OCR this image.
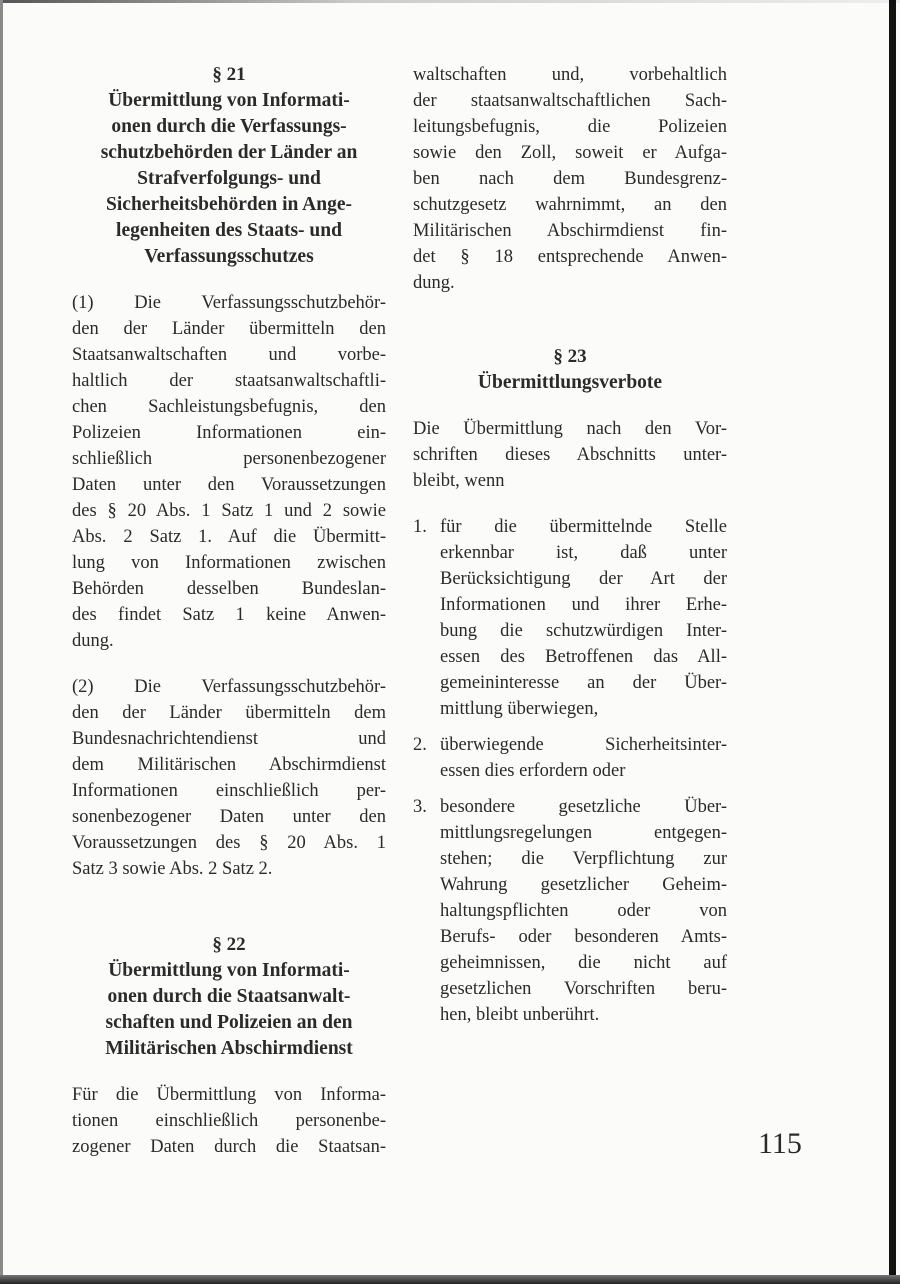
§ 21
Übermittlung von Informati-
onen durch die Verfassungs-
schutzbehörden der Länder an
Strafverfolgungs- und
Sicherheitsbehörden in Ange-
legenheiten des Staats- und
Verfassungsschutzes
(1) Die Verfassungsschutzbehör-
den der Länder übermitteln den
Staatsanwaltschaften und vorbe-
haltlich der staatsanwaltschaftli-
chen Sachleistungsbefugnis, den
Polizeien Informationen ein-
schließlich personenbezogener
Daten unter den Voraussetzungen
des § 20 Abs. 1 Satz 1 und 2 sowie
Abs. 2 Satz 1. Auf die Übermitt-
lung von Informationen zwischen
Behörden desselben Bundeslan-
des findet Satz 1 keine Anwen-
dung.
(2) Die Verfassungsschutzbehör-
den der Länder übermitteln dem
Bundesnachrichtendienst und
dem Militärischen Abschirmdienst
Informationen einschließlich per-
sonenbezogener Daten unter den
Voraussetzungen des § 20 Abs. 1
Satz 3 sowie Abs. 2 Satz 2.
§ 22
Übermittlung von Informati-
onen durch die Staatsanwalt-
schaften und Polizeien an den
Militärischen Abschirmdienst
Für die Übermittlung von Informa-
tionen einschließlich personenbe-
zogener Daten durch die Staatsan-
waltschaften und, vorbehaltlich
der staatsanwaltschaftlichen Sach-
leitungsbefugnis, die Polizeien
sowie den Zoll, soweit er Aufga-
ben nach dem Bundesgrenz-
schutzgesetz wahrnimmt, an den
Militärischen Abschirmdienst fin-
det § 18 entsprechende Anwen-
dung.
§ 23
Übermittlungsverbote
Die Übermittlung nach den Vor-
schriften dieses Abschnitts unter-
bleibt, wenn
1. für die übermittelnde Stelle
erkennbar ist, daß unter
Berücksichtigung der Art der
Informationen und ihrer Erhe-
bung die schutzwürdigen Inter-
essen des Betroffenen das All-
gemeininteresse an der Über-
mittlung überwiegen,
2. überwiegende Sicherheitsinter-
essen dies erfordern oder
3. besondere gesetzliche Über-
mittlungsregelungen entgegen-
stehen; die Verpflichtung zur
Wahrung gesetzlicher Geheim-
haltungspflichten oder von
Berufs- oder besonderen Amts-
geheimnissen, die nicht auf
gesetzlichen Vorschriften beru-
hen, bleibt unberührt.
115
